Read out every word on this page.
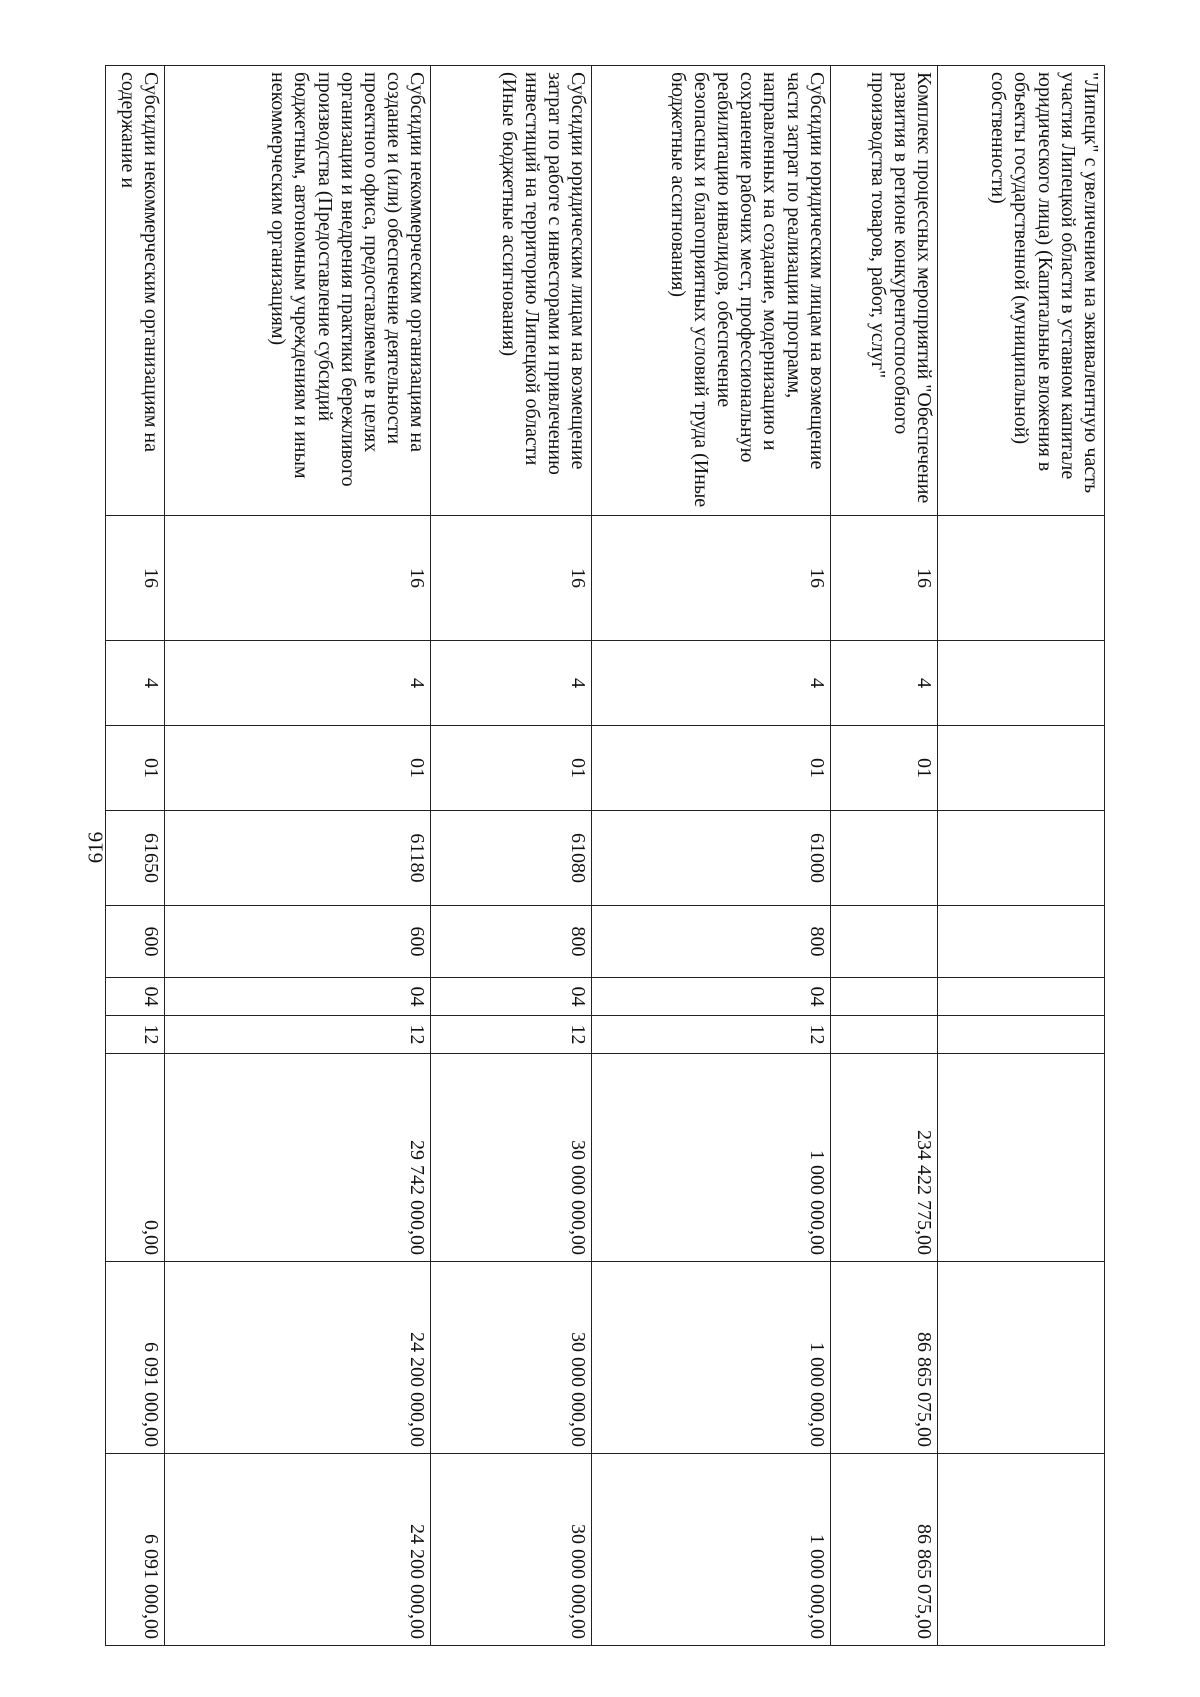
616
"Липецк" с увеличением на эквивалентную часть участия Липецкой области в уставном капитале юридического лица) (Капитальные вложения в объекты государственной (муниципальной) собственности)										
Комплекс процессных мероприятий "Обеспечение развития в регионе конкурентоспособного производства товаров, работ, услуг"	16	4	01					234 422 775,00	86 865 075,00	86 865 075,00
Субсидии юридическим лицам на возмещение части затрат по реализации программ, направленных на создание, модернизацию и сохранение рабочих мест, профессиональную реабилитацию инвалидов, обеспечение безопасных и благоприятных условий труда (Иные бюджетные ассигнования)	16	4	01	61000	800	04	12	1 000 000,00	1 000 000,00	1 000 000,00
Субсидии юридическим лицам на возмещение затрат по работе с инвесторами и привлечению инвестиций на территорию Липецкой области (Иные бюджетные ассигнования)	16	4	01	61080	800	04	12	30 000 000,00	30 000 000,00	30 000 000,00
Субсидии некоммерческим организациям на создание и (или) обеспечение деятельности проектного офиса, предоставляемые в целях организации и внедрения практики бережливого производства (Предоставление субсидий бюджетным, автономным учреждениям и иным некоммерческим организациям)	16	4	01	61180	600	04	12	29 742 000,00	24 200 000,00	24 200 000,00
Субсидии некоммерческим организациям на содержание и	16	4	01	61650	600	04	12	0,00	6 091 000,00	6 091 000,00
